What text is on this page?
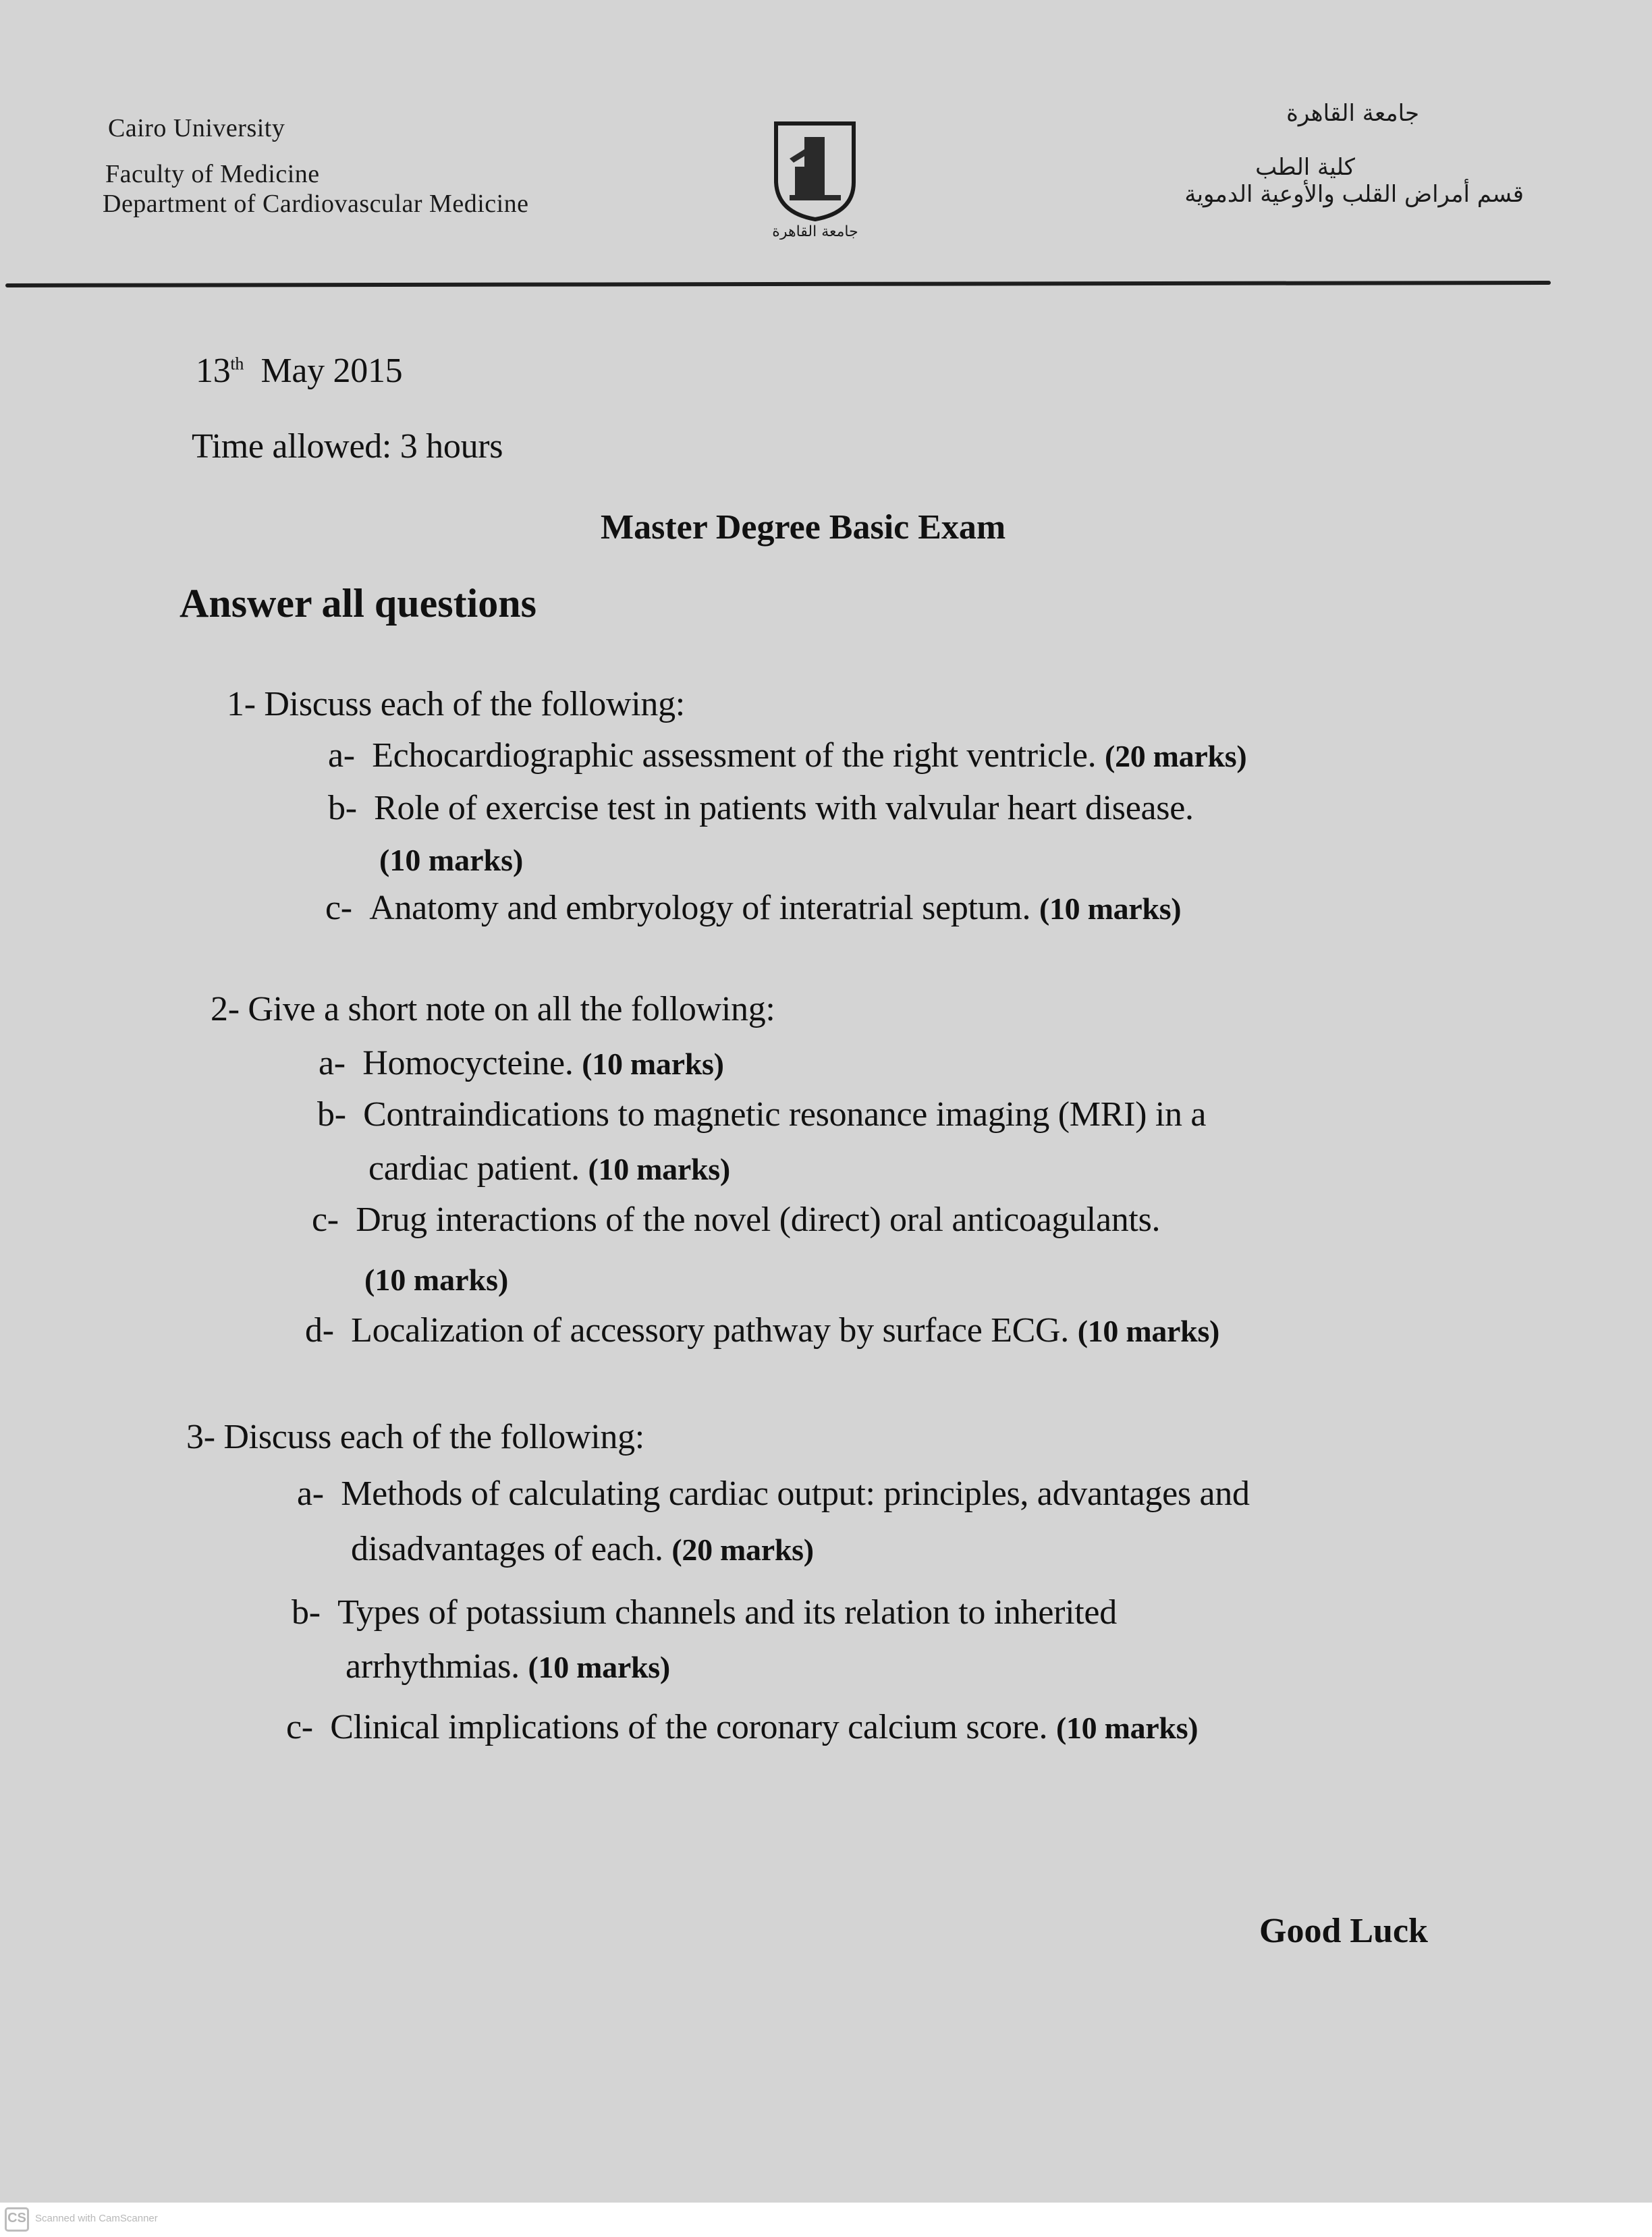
Cairo University
Faculty of Medicine
Department of Cardiovascular Medicine
جامعة القاهرة
جامعة القاهرة
كلية الطب
قسم أمراض القلب والأوعية الدموية
13th May 2015
Time allowed: 3 hours
Master Degree Basic Exam
Answer all questions
1- Discuss each of the following:
a- Echocardiographic assessment of the right ventricle. (20 marks)
b- Role of exercise test in patients with valvular heart disease.
(10 marks)
c- Anatomy and embryology of interatrial septum. (10 marks)
2- Give a short note on all the following:
a- Homocycteine. (10 marks)
b- Contraindications to magnetic resonance imaging (MRI) in a
cardiac patient. (10 marks)
c- Drug interactions of the novel (direct) oral anticoagulants.
(10 marks)
d- Localization of accessory pathway by surface ECG. (10 marks)
3- Discuss each of the following:
a- Methods of calculating cardiac output: principles, advantages and
disadvantages of each. (20 marks)
b- Types of potassium channels and its relation to inherited
arrhythmias. (10 marks)
c- Clinical implications of the coronary calcium score. (10 marks)
Good Luck
CS Scanned with CamScanner
